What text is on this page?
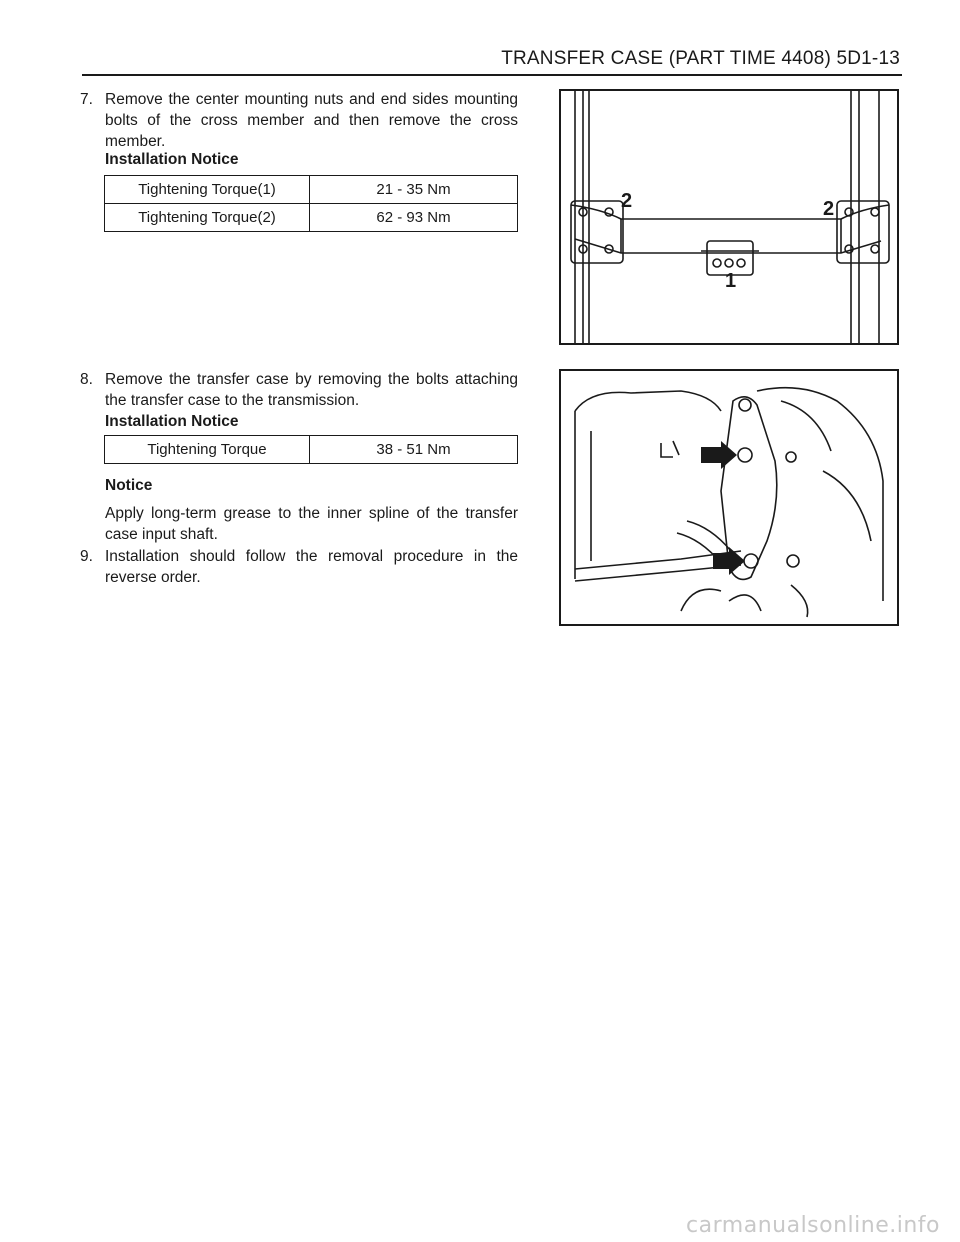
TRANSFER CASE (PART TIME 4408) 5D1-13
7. Remove the center mounting nuts and end sides mounting bolts of the cross member and then remove the cross member.
Installation Notice
Tightening Torque(1)	21 - 35 Nm
Tightening Torque(2)	62 - 93 Nm
2	2
1
8. Remove the transfer case by removing the bolts attaching the transfer case to the transmission.
Installation Notice
Tightening Torque	38 - 51 Nm
Notice
Apply long-term grease to the inner spline of the transfer case input shaft.
9. Installation should follow the removal procedure in the reverse order.
carmanualsonline.info
